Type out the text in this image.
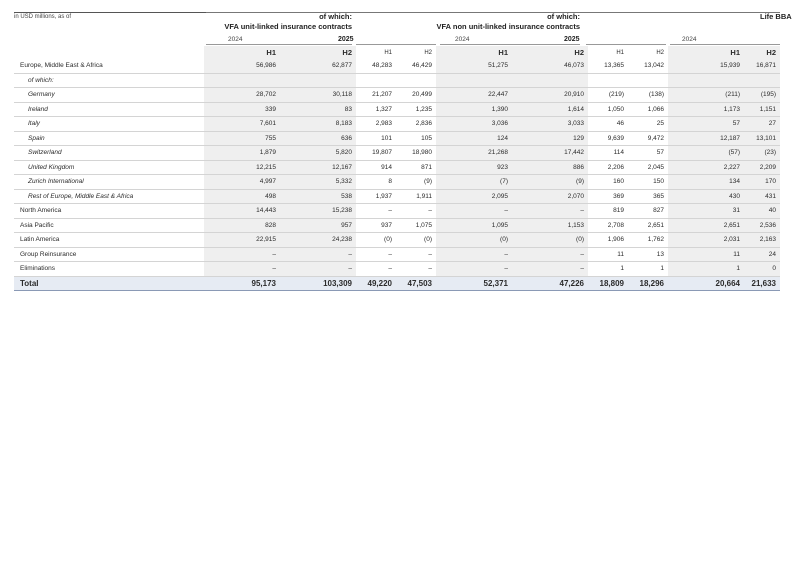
in USD millions, as of	of which:
VFA unit-linked insurance contracts
of which:
VFA non unit-linked insurance contracts
Life BBA
2024	2025	2024	2025	2024
	H1	H2	H1	H2	H1	H2	H1	H2	H1	H2
Europe, Middle East & Africa	56,986	62,877	48,283	46,429	51,275	46,073	13,365	13,042	15,939	16,871
of which:										
Germany	28,702	30,118	21,207	20,499	22,447	20,910	(219)	(138)	(211)	(195)
Ireland	339	83	1,327	1,235	1,390	1,614	1,050	1,066	1,173	1,151
Italy	7,601	8,183	2,983	2,836	3,036	3,033	46	25	57	27
Spain	755	636	101	105	124	129	9,639	9,472	12,187	13,101
Switzerland	1,879	5,820	19,807	18,980	21,268	17,442	114	57	(57)	(23)
United Kingdom	12,215	12,167	914	871	923	886	2,206	2,045	2,227	2,209
Zurich International	4,997	5,332	8	(9)	(7)	(9)	160	150	134	170
Rest of Europe, Middle East & Africa	498	538	1,937	1,911	2,095	2,070	369	365	430	431
North America	14,443	15,238	–	–	–	–	819	827	31	40
Asia Pacific	828	957	937	1,075	1,095	1,153	2,708	2,651	2,651	2,536
Latin America	22,915	24,238	(0)	(0)	(0)	(0)	1,906	1,762	2,031	2,163
Group Reinsurance	–	–	–	–	–	–	11	13	11	24
Eliminations	–	–	–	–	–	–	1	1	1	0
Total	95,173	103,309	49,220	47,503	52,371	47,226	18,809	18,296	20,664	21,633
